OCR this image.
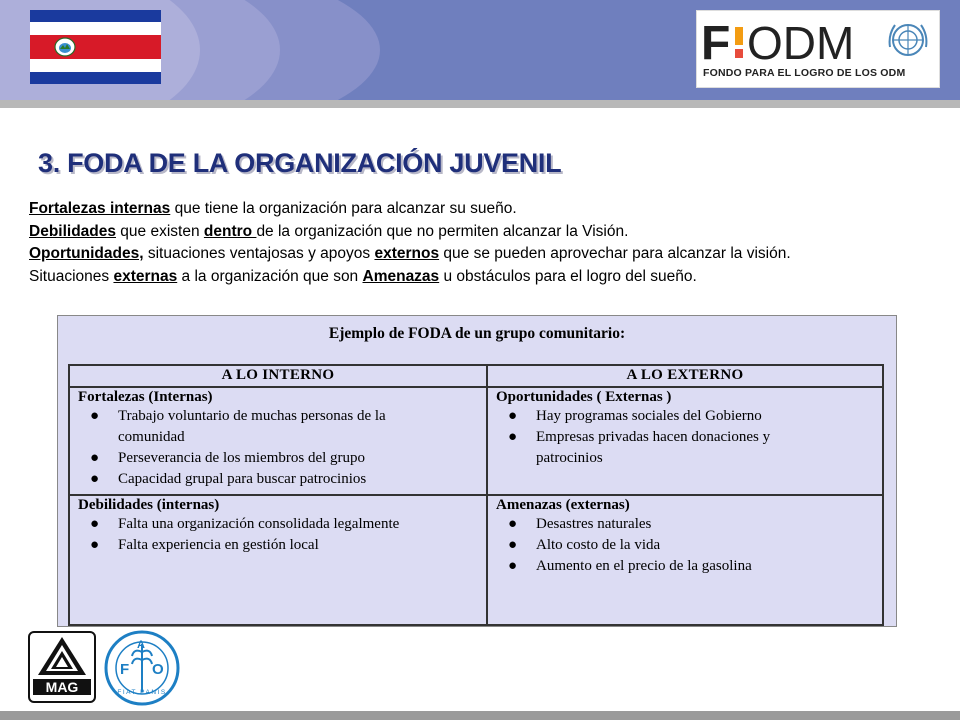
F ODM
FONDO PARA EL LOGRO DE LOS ODM
3. FODA DE LA ORGANIZACIÓN JUVENIL
Fortalezas internas que tiene la organización para alcanzar su sueño.
Debilidades que existen dentro de la organización que no permiten alcanzar la Visión.
Oportunidades, situaciones ventajosas y apoyos externos que se pueden aprovechar para alcanzar la visión.
Situaciones externas a la organización que son Amenazas u obstáculos para el logro del sueño.
Ejemplo de FODA de un grupo comunitario:
A LO INTERNO	A LO EXTERNO
Fortalezas (Internas)
● Trabajo voluntario de muchas personas de la
comunidad
● Perseverancia de los miembros del grupo
● Capacidad grupal para buscar patrocinios
Oportunidades ( Externas )
● Hay programas sociales del Gobierno
● Empresas privadas hacen donaciones y
patrocinios
Debilidades (internas)
● Falta una organización consolidada legalmente
● Falta experiencia en gestión local
Amenazas (externas)
● Desastres naturales
● Alto costo de la vida
● Aumento en el precio de la gasolina
MAG
F
A
O
FIAT PANIS
